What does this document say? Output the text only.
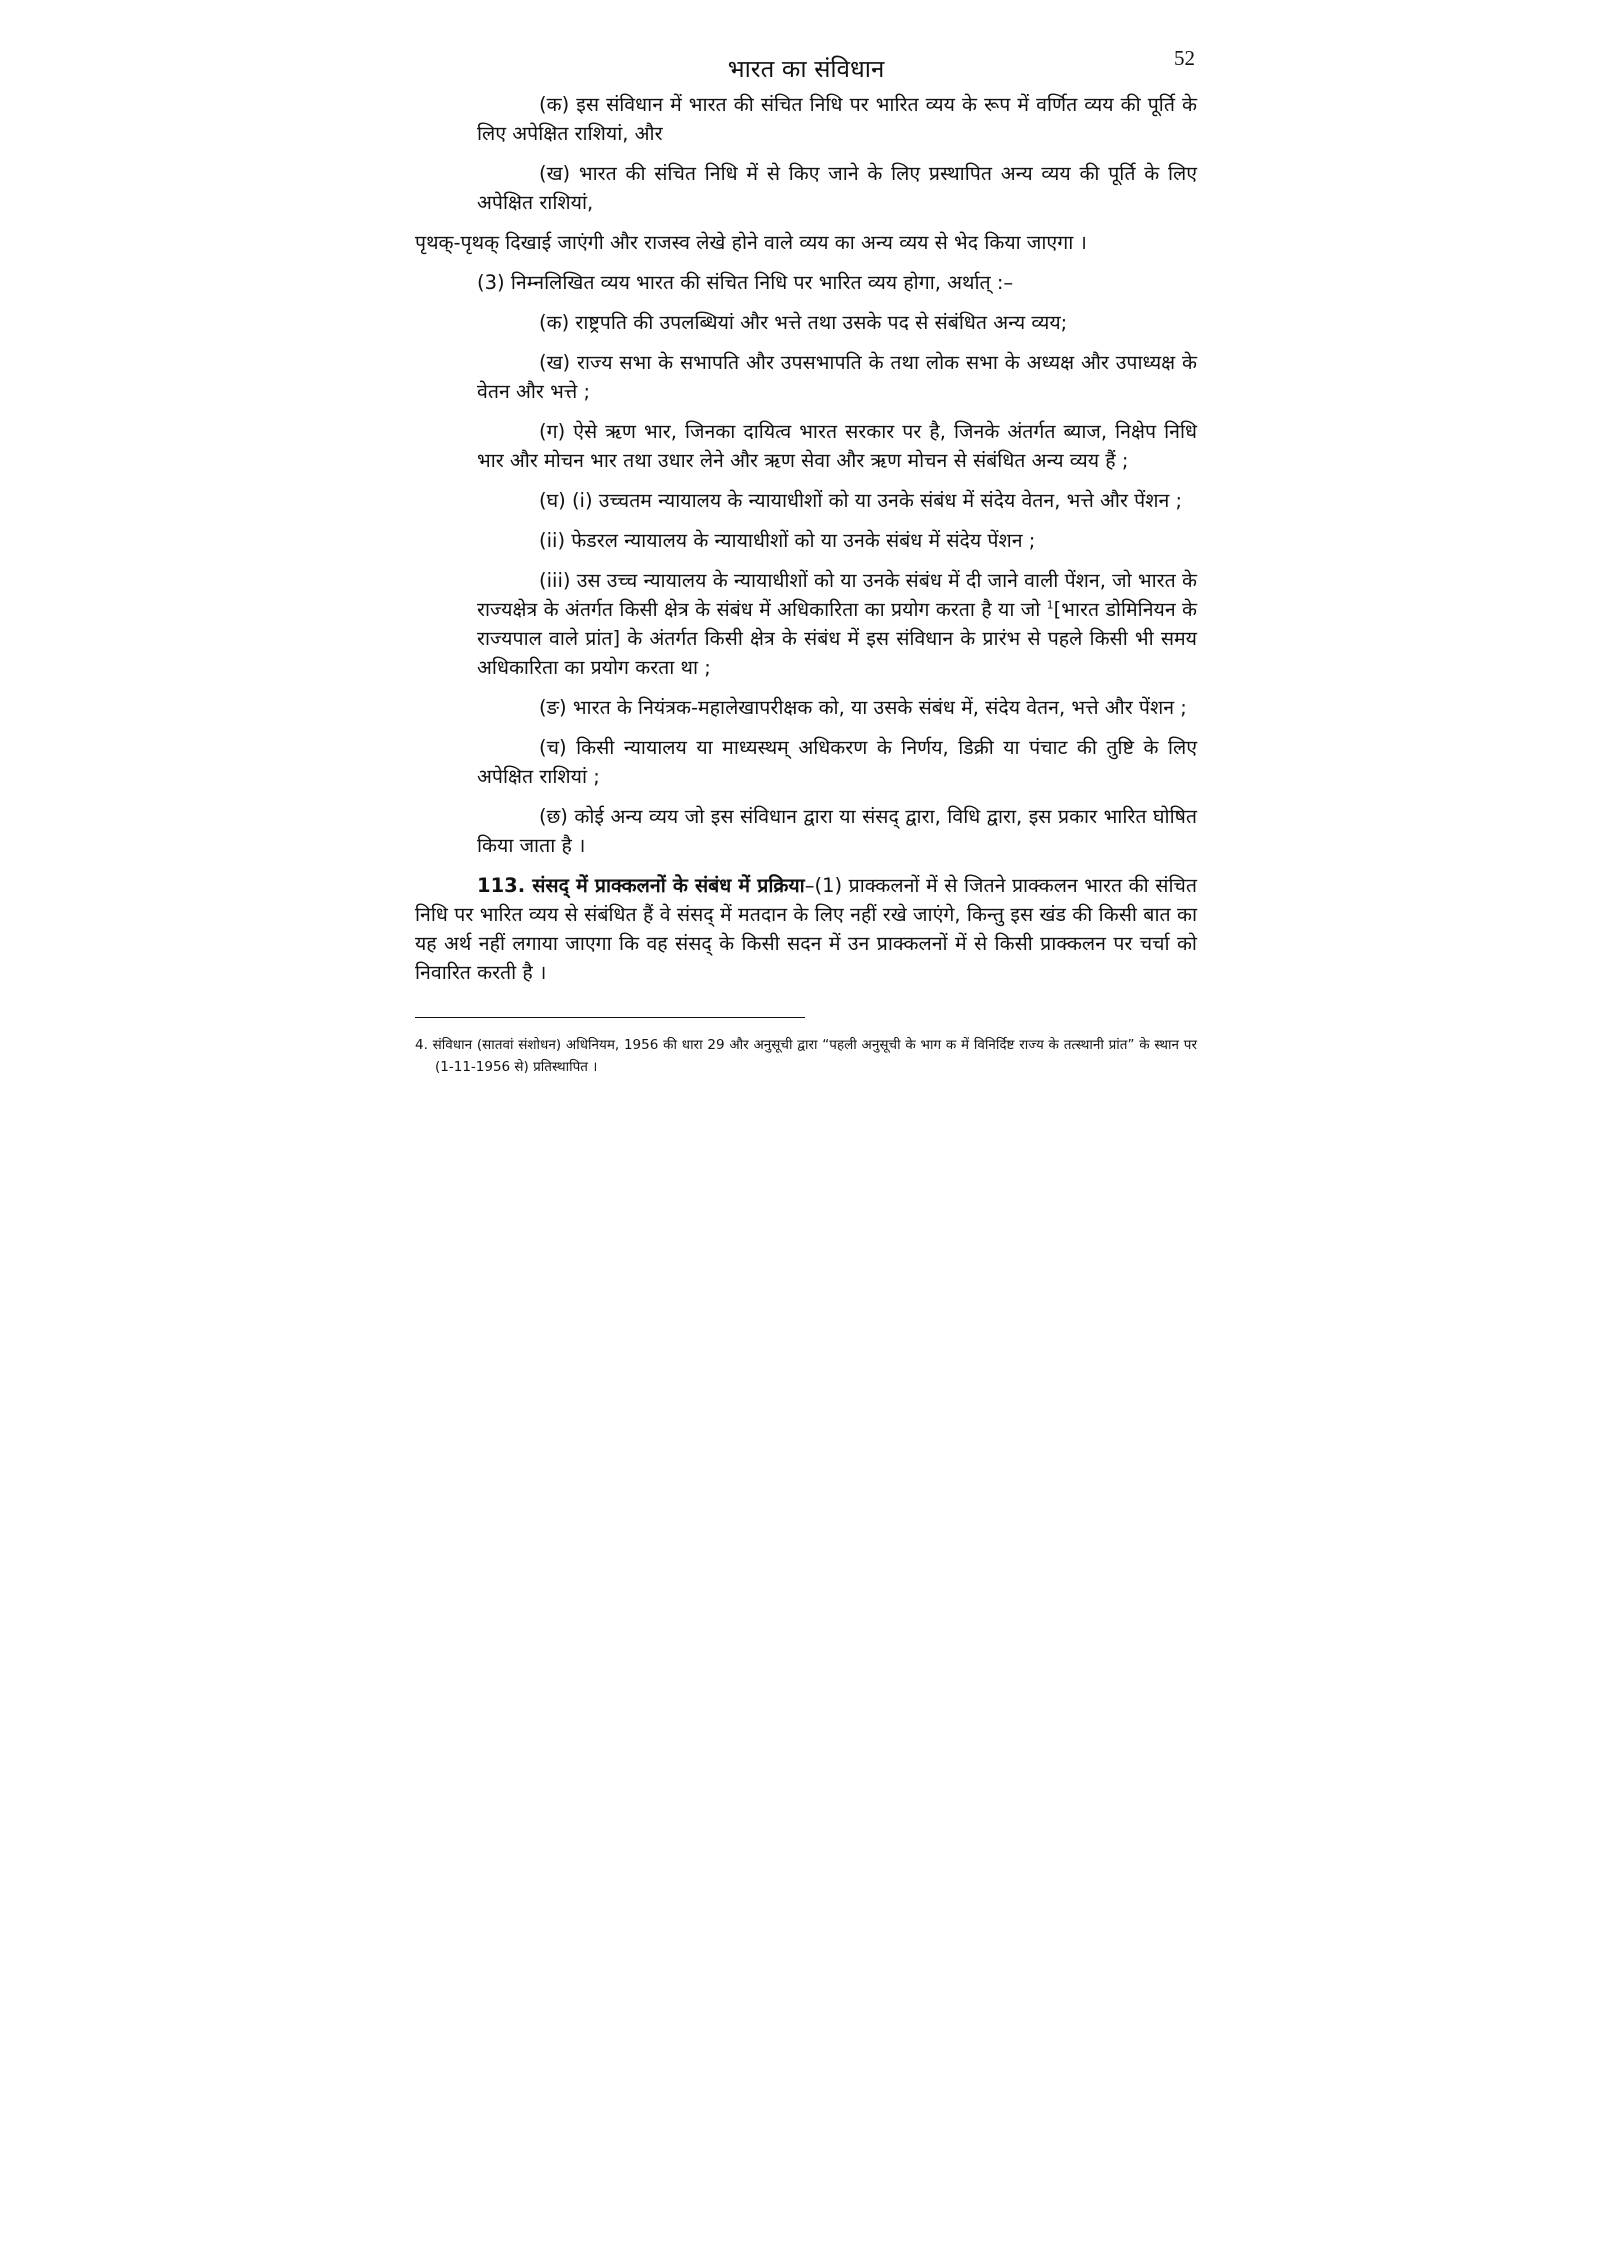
भारत का संविधान	52

(क) इस संविधान में भारत की संचित निधि पर भारित व्यय के रूप में वर्णित व्यय की पूर्ति के लिए अपेक्षित राशियां, और

(ख) भारत की संचित निधि में से किए जाने के लिए प्रस्थापित अन्य व्यय की पूर्ति के लिए अपेक्षित राशियां,

पृथक्-पृथक् दिखाई जाएंगी और राजस्व लेखे होने वाले व्यय का अन्य व्यय से भेद किया जाएगा ।

(3) निम्नलिखित व्यय भारत की संचित निधि पर भारित व्यय होगा, अर्थात् :–

(क) राष्ट्रपति की उपलब्धियां और भत्ते तथा उसके पद से संबंधित अन्य व्यय;

(ख) राज्य सभा के सभापति और उपसभापति के तथा लोक सभा के अध्यक्ष और उपाध्यक्ष के वेतन और भत्ते ;

(ग) ऐसे ऋण भार, जिनका दायित्व भारत सरकार पर है, जिनके अंतर्गत ब्याज, निक्षेप निधि भार और मोचन भार तथा उधार लेने और ऋण सेवा और ऋण मोचन से संबंधित अन्य व्यय हैं ;

(घ) (i) उच्चतम न्यायालय के न्यायाधीशों को या उनके संबंध में संदेय वेतन, भत्ते और पेंशन ;

(ii) फेडरल न्यायालय के न्यायाधीशों को या उनके संबंध में संदेय पेंशन ;

(iii) उस उच्च न्यायालय के न्यायाधीशों को या उनके संबंध में दी जाने वाली पेंशन, जो भारत के राज्यक्षेत्र के अंतर्गत किसी क्षेत्र के संबंध में अधिकारिता का प्रयोग करता है या जो $^1$[भारत डोमिनियन के राज्यपाल वाले प्रांत] के अंतर्गत किसी क्षेत्र के संबंध में इस संविधान के प्रारंभ से पहले किसी भी समय अधिकारिता का प्रयोग करता था ;

(ङ) भारत के नियंत्रक-महालेखापरीक्षक को, या उसके संबंध में, संदेय वेतन, भत्ते और पेंशन ;

(च) किसी न्यायालय या माध्यस्थम् अधिकरण के निर्णय, डिक्री या पंचाट की तुष्टि के लिए अपेक्षित राशियां ;

(छ) कोई अन्य व्यय जो इस संविधान द्वारा या संसद् द्वारा, विधि द्वारा, इस प्रकार भारित घोषित किया जाता है ।

113. संसद् में प्राक्कलनों के संबंध में प्रक्रिया–(1) प्राक्कलनों में से जितने प्राक्कलन भारत की संचित निधि पर भारित व्यय से संबंधित हैं वे संसद् में मतदान के लिए नहीं रखे जाएंगे, किन्तु इस खंड की किसी बात का यह अर्थ नहीं लगाया जाएगा कि वह संसद् के किसी सदन में उन प्राक्कलनों में से किसी प्राक्कलन पर चर्चा को निवारित करती है ।

4. संविधान (सातवां संशोधन) अधिनियम, 1956 की धारा 29 और अनुसूची द्वारा “पहली अनुसूची के भाग क में विनिर्दिष्ट राज्य के तत्स्थानी प्रांत” के स्थान पर (1-11-1956 से) प्रतिस्थापित ।
